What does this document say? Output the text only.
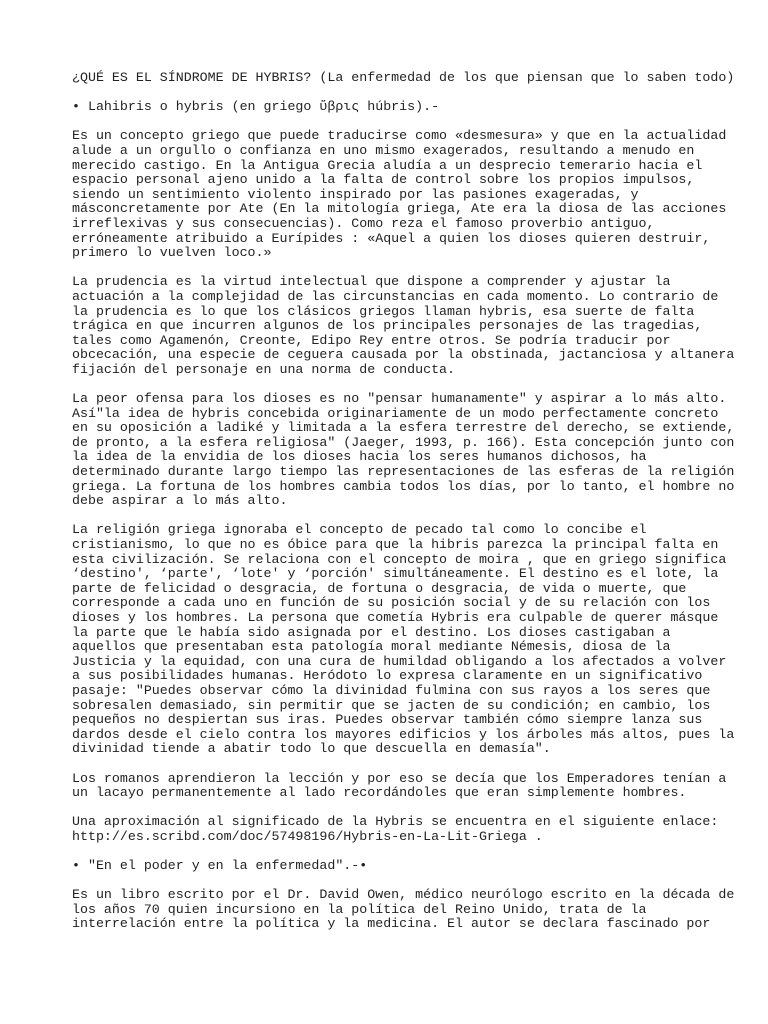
¿QUÉ ES EL SÍNDROME DE HYBRIS? (La enfermedad de los que piensan que lo saben todo)
• Lahibris o hybris (en griego ὕβρις húbris).-
Es un concepto griego que puede traducirse como «desmesura» y que en la actualidad
alude a un orgullo o confianza en uno mismo exagerados, resultando a menudo en
merecido castigo. En la Antigua Grecia aludía a un desprecio temerario hacia el
espacio personal ajeno unido a la falta de control sobre los propios impulsos,
siendo un sentimiento violento inspirado por las pasiones exageradas, y
másconcretamente por Ate (En la mitología griega, Ate era la diosa de las acciones
irreflexivas y sus consecuencias). Como reza el famoso proverbio antiguo,
erróneamente atribuido a Eurípides : «Aquel a quien los dioses quieren destruir,
primero lo vuelven loco.»
La prudencia es la virtud intelectual que dispone a comprender y ajustar la
actuación a la complejidad de las circunstancias en cada momento. Lo contrario de
la prudencia es lo que los clásicos griegos llaman hybris, esa suerte de falta
trágica en que incurren algunos de los principales personajes de las tragedias,
tales como Agamenón, Creonte, Edipo Rey entre otros. Se podría traducir por
obcecación, una especie de ceguera causada por la obstinada, jactanciosa y altanera
fijación del personaje en una norma de conducta.
La peor ofensa para los dioses es no "pensar humanamente" y aspirar a lo más alto.
Así"la idea de hybris concebida originariamente de un modo perfectamente concreto
en su oposición a ladiké y limitada a la esfera terrestre del derecho, se extiende,
de pronto, a la esfera religiosa" (Jaeger, 1993, p. 166). Esta concepción junto con
la idea de la envidia de los dioses hacia los seres humanos dichosos, ha
determinado durante largo tiempo las representaciones de las esferas de la religión
griega. La fortuna de los hombres cambia todos los días, por lo tanto, el hombre no
debe aspirar a lo más alto.
La religión griega ignoraba el concepto de pecado tal como lo concibe el
cristianismo, lo que no es óbice para que la hibris parezca la principal falta en
esta civilización. Se relaciona con el concepto de moira , que en griego significa
‘destino', ‘parte', ‘lote' y ‘porción' simultáneamente. El destino es el lote, la
parte de felicidad o desgracia, de fortuna o desgracia, de vida o muerte, que
corresponde a cada uno en función de su posición social y de su relación con los
dioses y los hombres. La persona que cometía Hybris era culpable de querer másque
la parte que le había sido asignada por el destino. Los dioses castigaban a
aquellos que presentaban esta patología moral mediante Némesis, diosa de la
Justicia y la equidad, con una cura de humildad obligando a los afectados a volver
a sus posibilidades humanas. Heródoto lo expresa claramente en un significativo
pasaje: "Puedes observar cómo la divinidad fulmina con sus rayos a los seres que
sobresalen demasiado, sin permitir que se jacten de su condición; en cambio, los
pequeños no despiertan sus iras. Puedes observar también cómo siempre lanza sus
dardos desde el cielo contra los mayores edificios y los árboles más altos, pues la
divinidad tiende a abatir todo lo que descuella en demasía".
Los romanos aprendieron la lección y por eso se decía que los Emperadores tenían a
un lacayo permanentemente al lado recordándoles que eran simplemente hombres.
Una aproximación al significado de la Hybris se encuentra en el siguiente enlace:
http://es.scribd.com/doc/57498196/Hybris-en-La-Lit-Griega .
• "En el poder y en la enfermedad".-•
Es un libro escrito por el Dr. David Owen, médico neurólogo escrito en la década de
los años 70 quien incursiono en la política del Reino Unido, trata de la
interrelación entre la política y la medicina. El autor se declara fascinado por
